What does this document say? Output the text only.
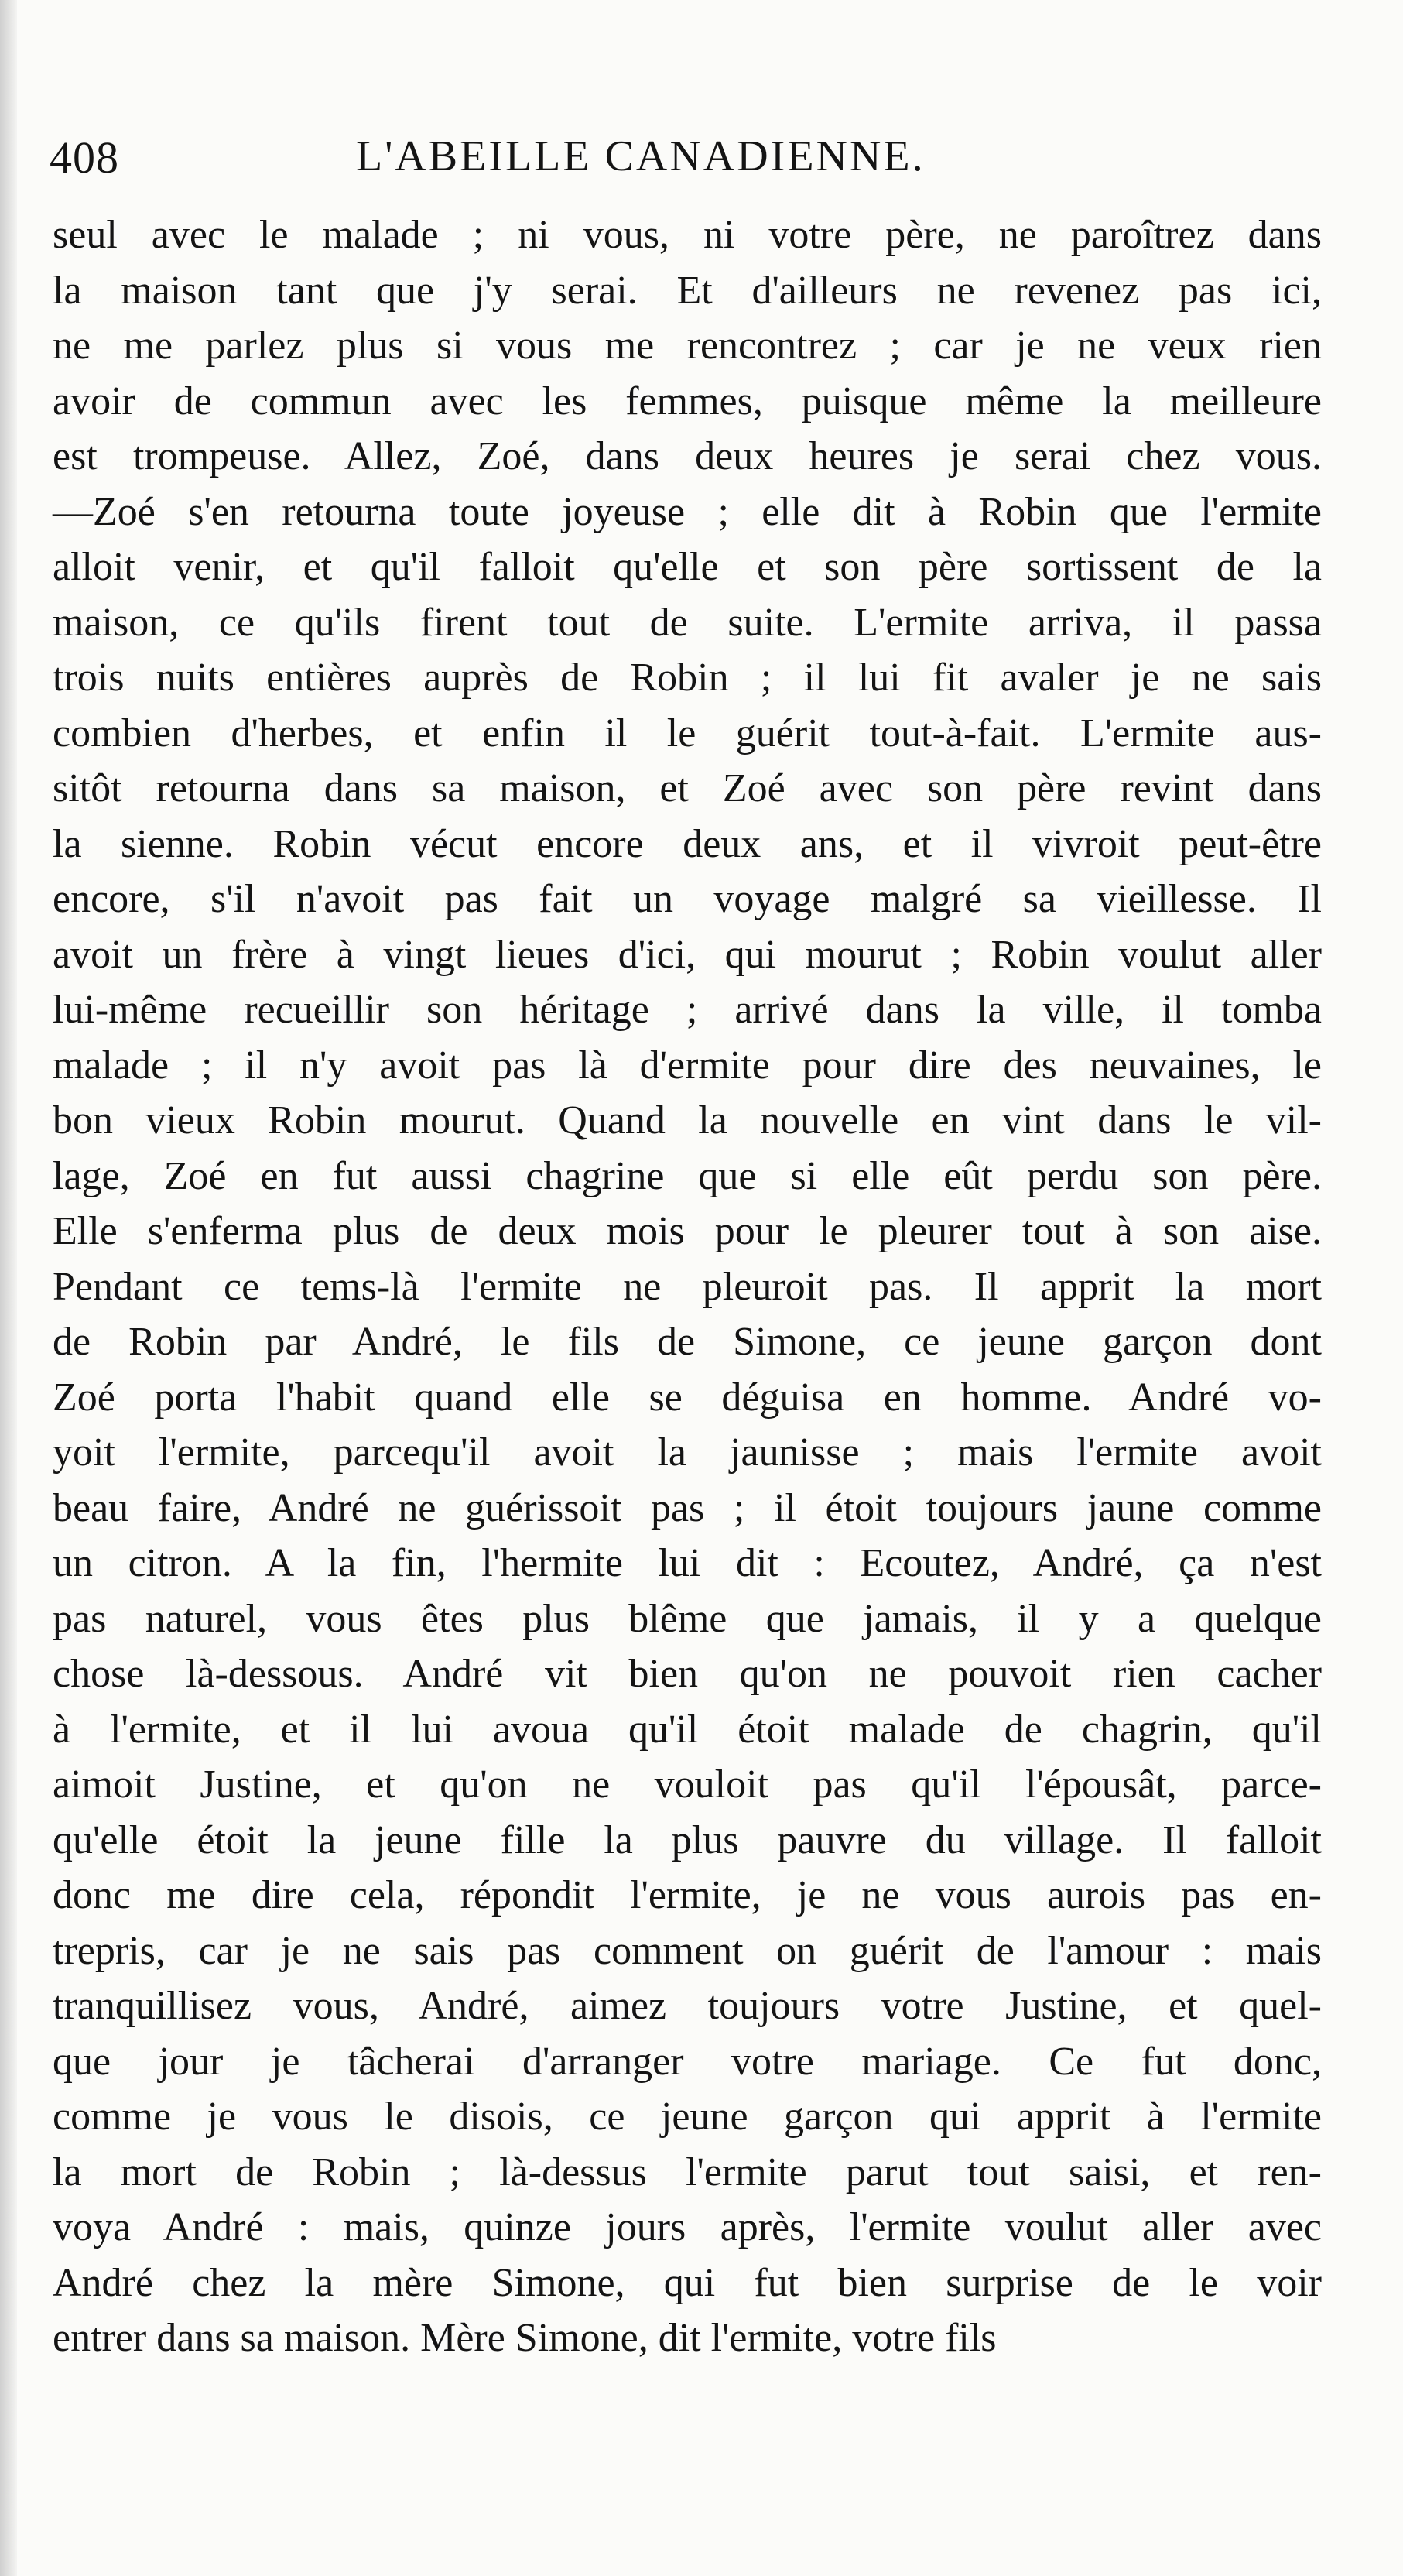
408	L'ABEILLE CANADIENNE.
seul avec le malade ; ni vous, ni votre père, ne paroîtrez dans
la maison tant que j'y serai. Et d'ailleurs ne revenez pas ici,
ne me parlez plus si vous me rencontrez ; car je ne veux rien
avoir de commun avec les femmes, puisque même la meilleure
est trompeuse. Allez, Zoé, dans deux heures je serai chez vous.
—Zoé s'en retourna toute joyeuse ; elle dit à Robin que l'ermite
alloit venir, et qu'il falloit qu'elle et son père sortissent de la
maison, ce qu'ils firent tout de suite. L'ermite arriva, il passa
trois nuits entières auprès de Robin ; il lui fit avaler je ne sais
combien d'herbes, et enfin il le guérit tout-à-fait. L'ermite aus-
sitôt retourna dans sa maison, et Zoé avec son père revint dans
la sienne. Robin vécut encore deux ans, et il vivroit peut-être
encore, s'il n'avoit pas fait un voyage malgré sa vieillesse. Il
avoit un frère à vingt lieues d'ici, qui mourut ; Robin voulut aller
lui-même recueillir son héritage ; arrivé dans la ville, il tomba
malade ; il n'y avoit pas là d'ermite pour dire des neuvaines, le
bon vieux Robin mourut. Quand la nouvelle en vint dans le vil-
lage, Zoé en fut aussi chagrine que si elle eût perdu son père.
Elle s'enferma plus de deux mois pour le pleurer tout à son aise.
Pendant ce tems-là l'ermite ne pleuroit pas. Il apprit la mort
de Robin par André, le fils de Simone, ce jeune garçon dont
Zoé porta l'habit quand elle se déguisa en homme. André vo-
yoit l'ermite, parcequ'il avoit la jaunisse ; mais l'ermite avoit
beau faire, André ne guérissoit pas ; il étoit toujours jaune comme
un citron. A la fin, l'hermite lui dit : Ecoutez, André, ça n'est
pas naturel, vous êtes plus blême que jamais, il y a quelque
chose là-dessous. André vit bien qu'on ne pouvoit rien cacher
à l'ermite, et il lui avoua qu'il étoit malade de chagrin, qu'il
aimoit Justine, et qu'on ne vouloit pas qu'il l'épousât, parce-
qu'elle étoit la jeune fille la plus pauvre du village. Il falloit
donc me dire cela, répondit l'ermite, je ne vous aurois pas en-
trepris, car je ne sais pas comment on guérit de l'amour : mais
tranquillisez vous, André, aimez toujours votre Justine, et quel-
que jour je tâcherai d'arranger votre mariage. Ce fut donc,
comme je vous le disois, ce jeune garçon qui apprit à l'ermite
la mort de Robin ; là-dessus l'ermite parut tout saisi, et ren-
voya André : mais, quinze jours après, l'ermite voulut aller avec
André chez la mère Simone, qui fut bien surprise de le voir
entrer dans sa maison. Mère Simone, dit l'ermite, votre fils
